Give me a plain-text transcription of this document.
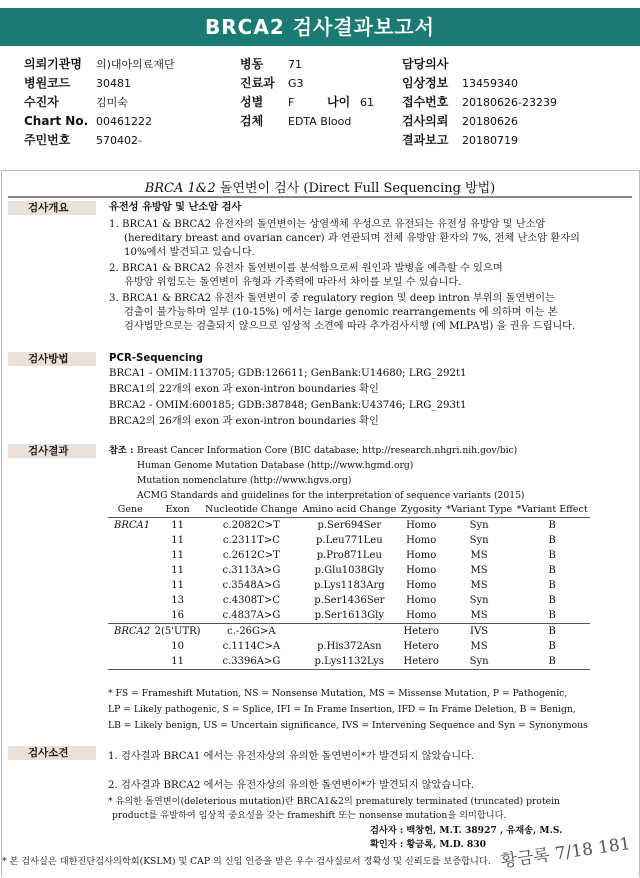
BRCA2 검사결과보고서
의뢰기관명 의)대아의료재단	병동 71	담당의사
병원코드 30481	진료과 G3	임상정보 13459340
수진자	김미숙	성별 F	나이 61 접수번호 20180626-23239
Chart No. 00461222	검체 EDTA Blood	검사의뢰 20180626
주민번호 570402-	결과보고 20180719
BRCA 1&2 돌연변이 검사 (Direct Full Sequencing 방법)
검사개요	유전성 유방암 및 난소암 검사
1. BRCA1 & BRCA2 유전자의 돌연변이는 상염색체 우성으로 유전되는 유전성 유방암 및 난소암
(hereditary breast and ovarian cancer) 과 연관되며 전체 유방암 환자의 7%, 전체 난소암 환자의
10%에서 발견되고 있습니다.
2. BRCA1 & BRCA2 유전자 돌연변이를 분석함으로써 원인과 발병을 예측할 수 있으며
유방암 위험도는 돌연변이 유형과 가족력에 따라서 차이를 보일 수 있습니다.
3. BRCA1 & BRCA2 유전자 돌연변이 중 regulatory region 및 deep intron 부위의 돌연변이는
검출이 불가능하며 일부 (10-15%) 에서는 large genomic rearrangements 에 의하며 이는 본
검사법만으로는 검출되지 않으므로 임상적 소견에 따라 추가검사시행 (예 MLPA법) 을 권유 드립니다.
검사방법	PCR-Sequencing
BRCA1 - OMIM:113705; GDB:126611; GenBank:U14680; LRG_292t1
BRCA1의 22개의 exon 과 exon-intron boundaries 확인
BRCA2 - OMIM:600185; GDB:387848; GenBank:U43746; LRG_293t1
BRCA2의 26개의 exon 과 exon-intron boundaries 확인
검사결과	참조 : Breast Cancer Information Core (BIC database; http://research.nhgri.nih.gov/bic)
Human Genome Mutation Database (http://www.hgmd.org)
Mutation nomenclature (http://www.hgvs.org)
ACMG Standards and guidelines for the interpretation of sequence variants (2015)
Gene	Exon	Nucleotide Change	Amino acid Change	Zygosity	*Variant Type	*Variant Effect
BRCA1	11	c.2082C>T	p.Ser694Ser	Homo	Syn	B
	11	c.2311T>C	p.Leu771Leu	Homo	Syn	B
	11	c.2612C>T	p.Pro871Leu	Homo	MS	B
	11	c.3113A>G	p.Glu1038Gly	Homo	MS	B
	11	c.3548A>G	p.Lys1183Arg	Homo	MS	B
	13	c.4308T>C	p.Ser1436Ser	Homo	Syn	B
	16	c.4837A>G	p.Ser1613Gly	Homo	MS	B
BRCA2	2(5'UTR)	c.-26G>A		Hetero	IVS	B
	10	c.1114C>A	p.His372Asn	Hetero	MS	B
	11	c.3396A>G	p.Lys1132Lys	Hetero	Syn	B
* FS = Frameshift Mutation, NS = Nonsense Mutation, MS = Missense Mutation, P = Pathogenic,
LP = Likely pathogenic, S = Splice, IFI = In Frame Insertion, IFD = In Frame Deletion, B = Benign,
LB = Likely benign, US = Uncertain significance, IVS = Intervening Sequence and Syn = Synonymous
검사소견	1. 검사결과 BRCA1 에서는 유전자상의 유의한 돌연변이*가 발견되지 않았습니다.
2. 검사결과 BRCA2 에서는 유전자상의 유의한 돌연변이*가 발견되지 않았습니다.
* 유의한 돌연변이(deleterious mutation)란 BRCA1&2의 prematurely terminated (truncated) protein
product를 유발하여 임상적 중요성을 갖는 frameshift 또는 nonsense mutation을 의미합니다.
검사자 : 백창헌, M.T. 38927 , 유재송, M.S.
확인자 : 황금록, M.D. 830 황금록 7/18 181
* 본 검사실은 대한진단검사의학회(KSLM) 및 CAP 의 신임 인증을 받은 우수 검사실로서 정확성 및 신뢰도를 보증합니다.
